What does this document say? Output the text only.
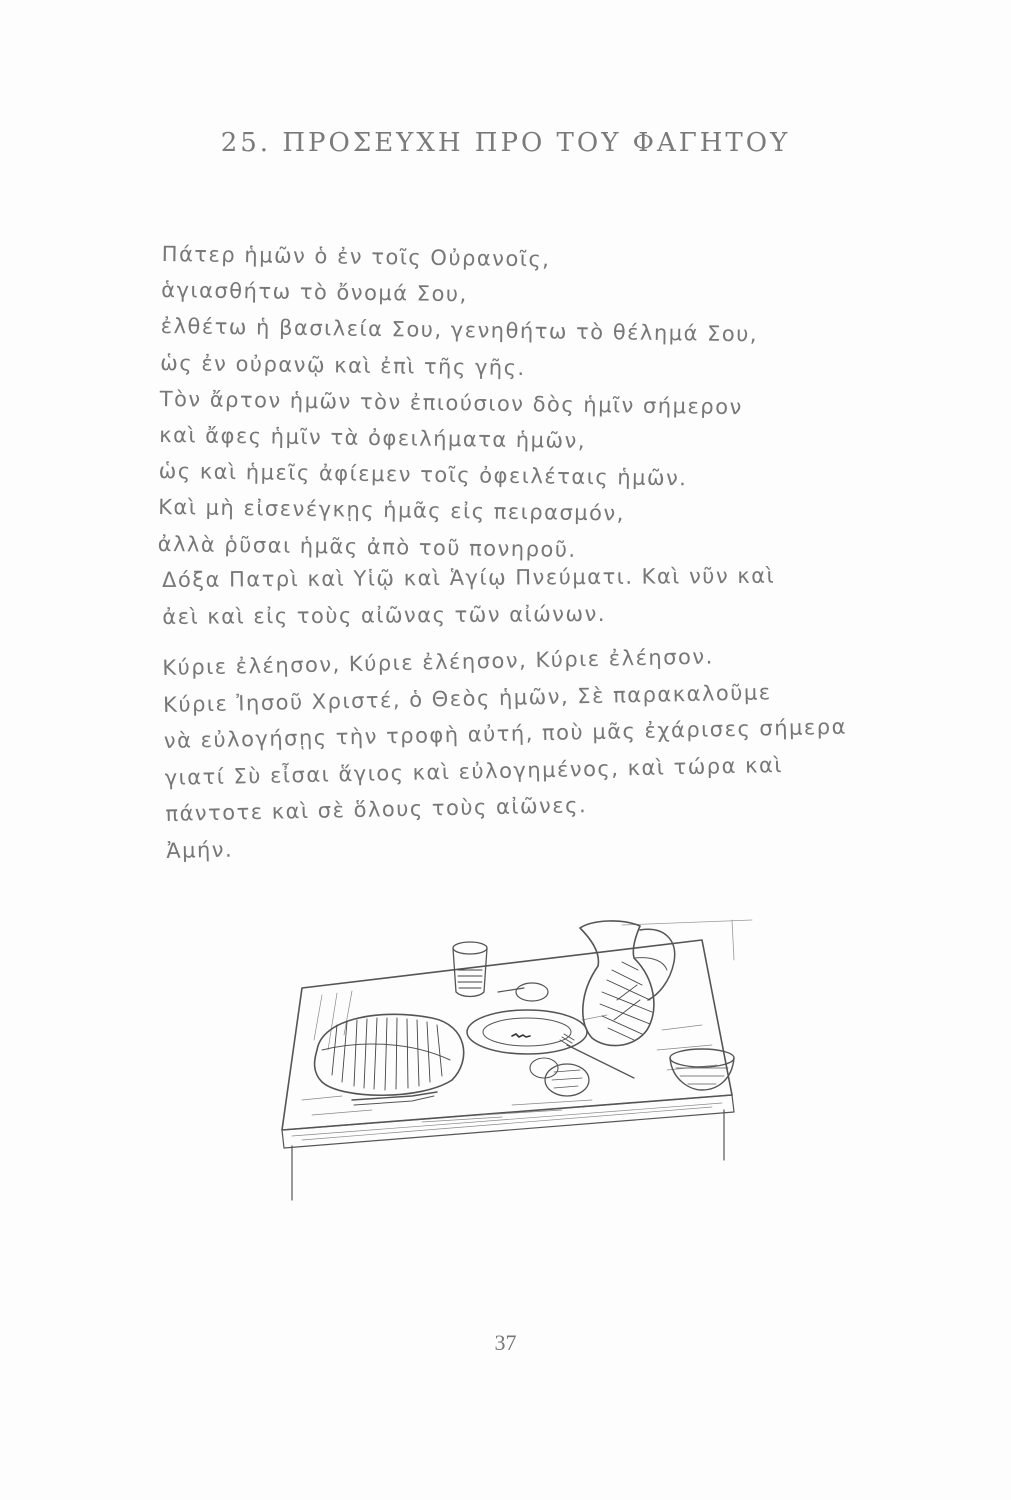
25. ΠΡΟΣΕΥΧΗ ΠΡΟ ΤΟΥ ΦΑΓΗΤΟΥ
Πάτερ ἡμῶν ὁ ἐν τοῖς Οὐρανοῖς,
ἁγιασθήτω τὸ ὄνομά Σου,
ἐλθέτω ἡ βασιλεία Σου, γενηθήτω τὸ θέλημά Σου,
ὡς ἐν οὐρανῷ καὶ ἐπὶ τῆς γῆς.
Τὸν ἄρτον ἡμῶν τὸν ἐπιούσιον δὸς ἡμῖν σήμερον
καὶ ἄφες ἡμῖν τὰ ὀφειλήματα ἡμῶν,
ὡς καὶ ἡμεῖς ἀφίεμεν τοῖς ὀφειλέταις ἡμῶν.
Καὶ μὴ εἰσενέγκῃς ἡμᾶς εἰς πειρασμόν,
ἀλλὰ ῥῦσαι ἡμᾶς ἀπὸ τοῦ πονηροῦ.
Δόξα Πατρὶ καὶ Υἱῷ καὶ Ἁγίῳ Πνεύματι. Καὶ νῦν καὶ
ἀεὶ καὶ εἰς τοὺς αἰῶνας τῶν αἰώνων.
Κύριε ἐλέησον, Κύριε ἐλέησον, Κύριε ἐλέησον.
Κύριε Ἰησοῦ Χριστέ, ὁ Θεὸς ἡμῶν, Σὲ παρακαλοῦμε
νὰ εὐλογήσῃς τὴν τροφὴ αὐτή, ποὺ μᾶς ἐχάρισες σήμερα
γιατί Σὺ εἶσαι ἅγιος καὶ εὐλογημένος, καὶ τώρα καὶ
πάντοτε καὶ σὲ ὅλους τοὺς αἰῶνες.
Ἀμήν.
37
